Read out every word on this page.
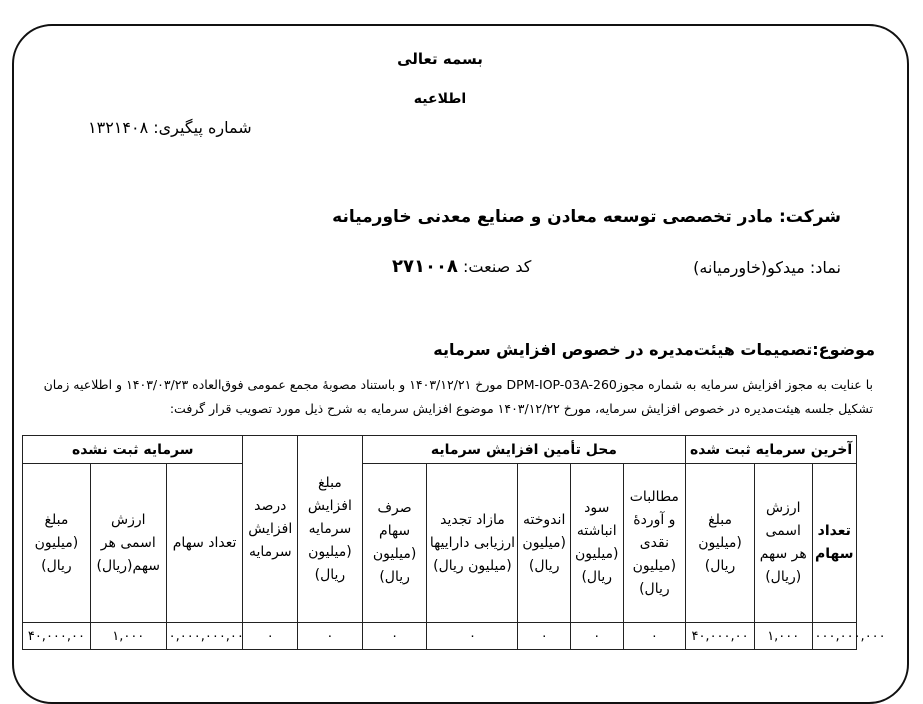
بسمه تعالی
اطلاعیه
شماره پیگیری: ۱۳۲۱۴۰۸
شرکت: مادر تخصصی توسعه معادن و صنایع معدنی خاورمیانه
نماد: میدکو(خاورمیانه)
کد صنعت: ۲۷۱۰۰۸
موضوع:تصمیمات هیئت‌مدیره در خصوص افزایش سرمایه
با عنایت به مجوز افزایش سرمایه به شماره مجوزDPM-IOP-03A-260 مورخ ۱۴۰۳/۱۲/۲۱ و باستناد مصوبهٔ مجمع عمومی فوق‌العاده ۱۴۰۳/۰۳/۲۳ و اطلاعیه زمان تشکیل جلسه هیئت‌مدیره در خصوص افزایش سرمایه، مورخ ۱۴۰۳/۱۲/۲۲ موضوع افزایش سرمایه به شرح ذیل مورد تصویب قرار گرفت:
آخرین سرمایه ثبت شده			محل تأمین افزایش سرمایه					مبلغ افزایش سرمایه (میلیون ریال)	درصد افزایش سرمایه	سرمایه ثبت نشده		
تعداد سهام	ارزش اسمی هر سهم (ریال)	مبلغ (میلیون ریال)	مطالبات و آوردهٔ نقدی (میلیون ریال)	سود انباشته (میلیون ریال)	اندوخته (میلیون ریال)	مازاد تجدید ارزیابی داراییها (میلیون ریال)	صرف سهام (میلیون ریال)			تعداد سهام	ارزش اسمی هر سهم(ریال)	مبلغ (میلیون ریال)
۰۰۰,۰۰۰,۰۰۰	۱,۰۰۰	۴۰,۰۰۰,۰۰	۰	۰	۰	۰	۰	۰	۰	۰,۰۰۰,۰۰۰,۰۰	۱,۰۰۰	۴۰,۰۰۰,۰۰
